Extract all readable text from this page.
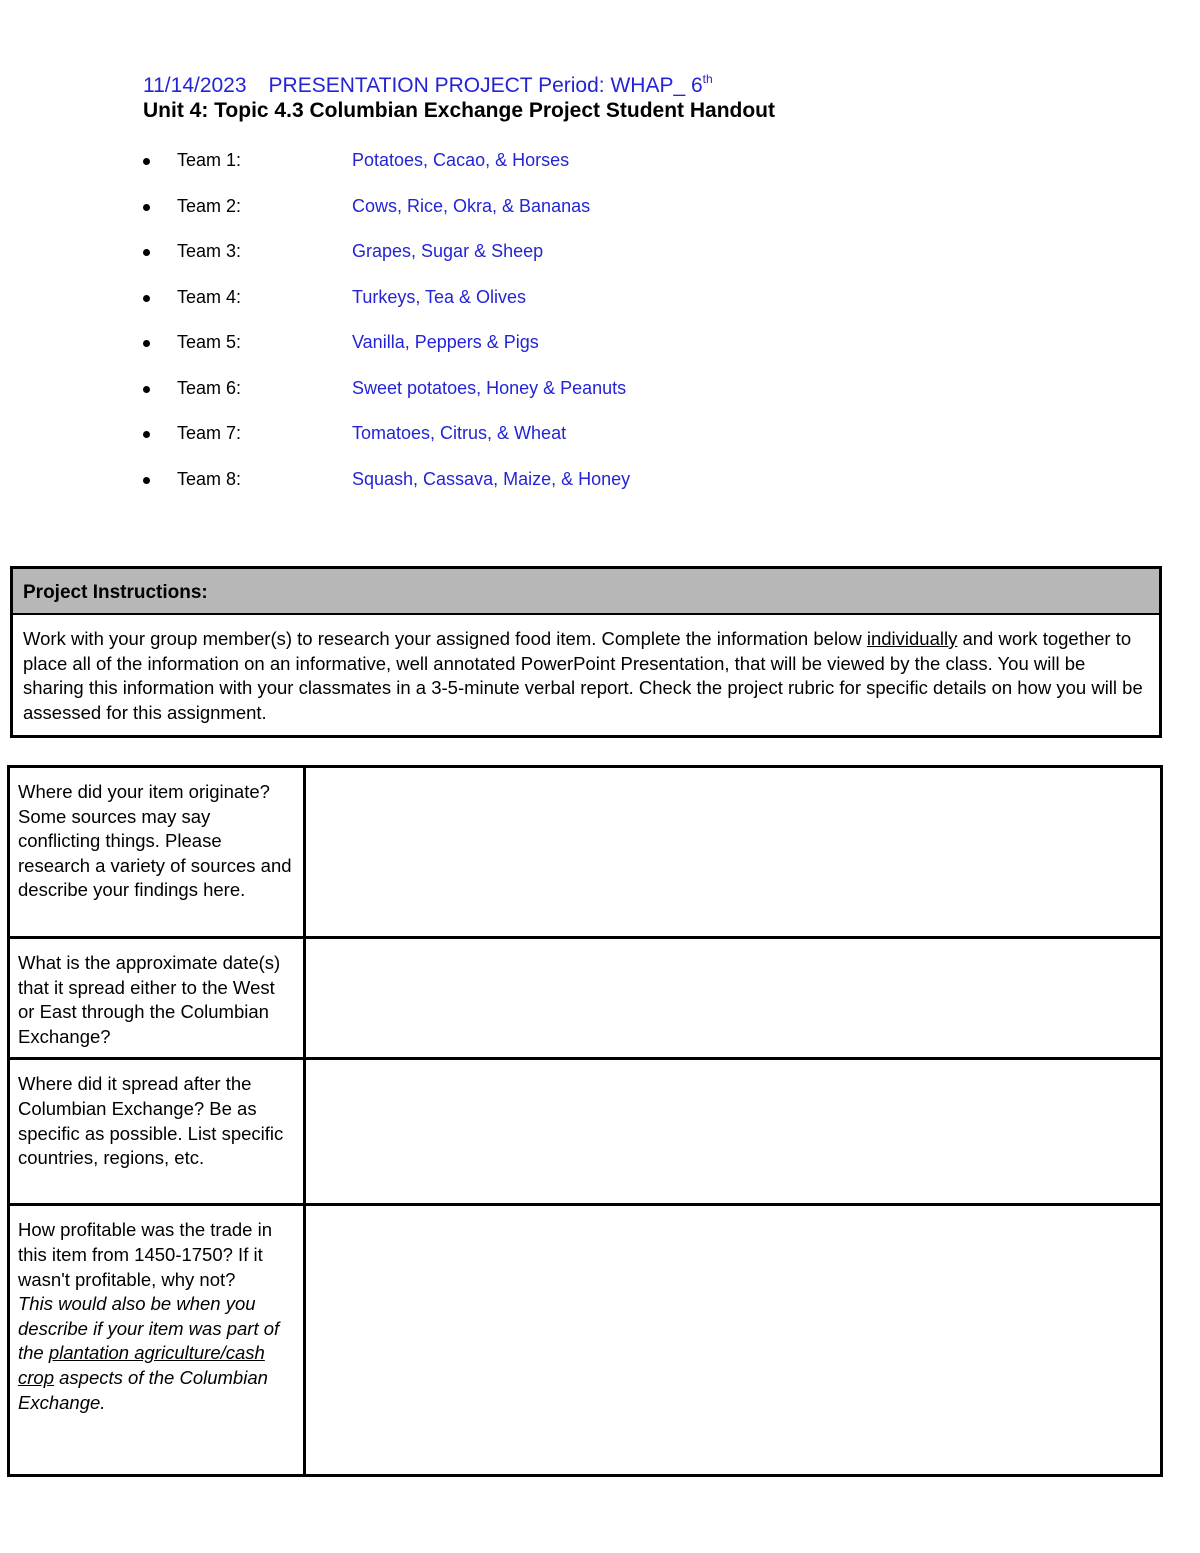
11/14/2023 PRESENTATION PROJECT Period: WHAP_ 6th
Unit 4: Topic 4.3 Columbian Exchange Project Student Handout
Team 1:	Potatoes, Cacao, & Horses
Team 2:	Cows, Rice, Okra, & Bananas
Team 3:	Grapes, Sugar & Sheep
Team 4:	Turkeys, Tea & Olives
Team 5:	Vanilla, Peppers & Pigs
Team 6:	Sweet potatoes, Honey & Peanuts
Team 7:	Tomatoes, Citrus, & Wheat
Team 8:	Squash, Cassava, Maize, & Honey
Project Instructions:
Work with your group member(s) to research your assigned food item. Complete the information below individually and work together to place all of the information on an informative, well annotated PowerPoint Presentation, that will be viewed by the class. You will be sharing this information with your classmates in a 3-5-minute verbal report. Check the project rubric for specific details on how you will be assessed for this assignment.
Where did your item originate? Some sources may say conflicting things. Please research a variety of sources and describe your findings here.	
What is the approximate date(s) that it spread either to the West or East through the Columbian Exchange?	
Where did it spread after the Columbian Exchange? Be as specific as possible. List specific countries, regions, etc.	
How profitable was the trade in this item from 1450-1750? If it wasn't profitable, why not?
This would also be when you describe if your item was part of the plantation agriculture/cash crop aspects of the Columbian Exchange.	
